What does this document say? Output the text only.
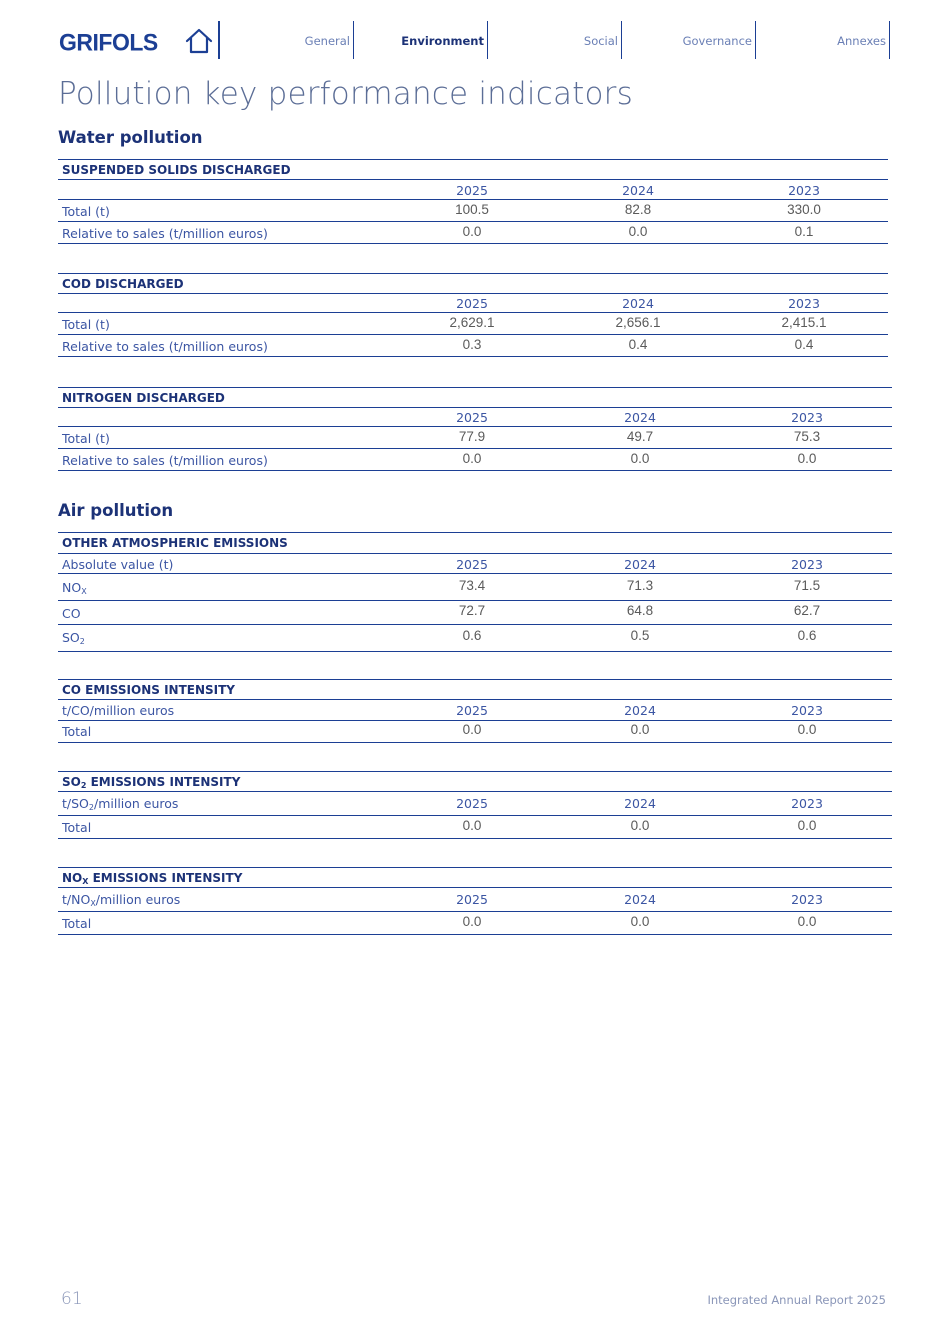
GRIFOLS	General	Environment	Social	Governance	Annexes
Pollution key performance indicators
Water pollution
SUSPENDED SOLIDS DISCHARGED
2025	2024	2023
Total (t)	100.5	82.8	330.0
Relative to sales (t/million euros)	0.0	0.0	0.1
COD DISCHARGED
2025	2024	2023
Total (t)	2,629.1	2,656.1	2,415.1
Relative to sales (t/million euros)	0.3	0.4	0.4
NITROGEN DISCHARGED
2025	2024	2023
Total (t)	77.9	49.7	75.3
Relative to sales (t/million euros)	0.0	0.0	0.0
Air pollution
OTHER ATMOSPHERIC EMISSIONS
Absolute value (t)	2025	2024	2023
$NO_X$	73.4	71.3	71.5
CO	72.7	64.8	62.7
$SO_2$	0.6	0.5	0.6
CO EMISSIONS INTENSITY
t/CO/million euros	2025	2024	2023
Total	0.0	0.0	0.0
$SO_2$ EMISSIONS INTENSITY
$t/SO_2$/million euros	2025	2024	2023
Total	0.0	0.0	0.0
$NO_X$ EMISSIONS INTENSITY
$t/NO_X$/million euros	2025	2024	2023
Total	0.0	0.0	0.0
61	Integrated Annual Report 2025
